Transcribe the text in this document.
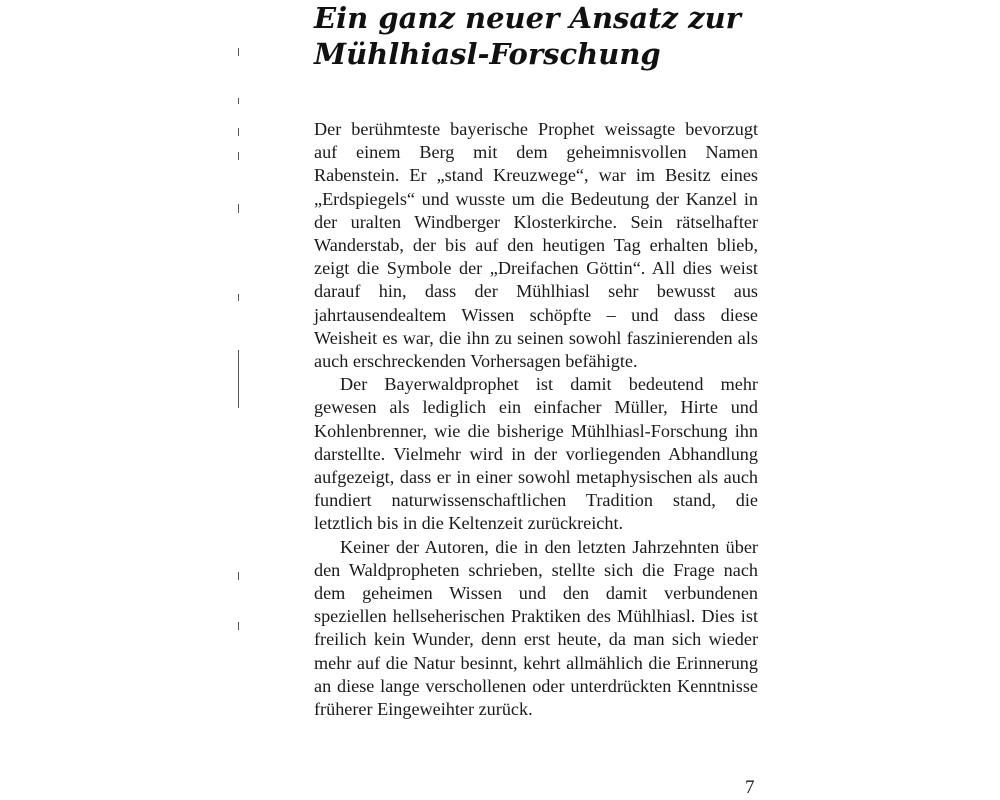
Ein ganz neuer Ansatz zur
Mühlhiasl-Forschung

Der berühmteste bayerische Prophet weissagte bevorzugt auf einem Berg mit dem geheimnisvollen Namen Rabenstein. Er „stand Kreuzwege“, war im Besitz eines „Erdspiegels“ und wusste um die Bedeutung der Kanzel in der uralten Windberger Klosterkirche. Sein rätselhafter Wanderstab, der bis auf den heutigen Tag erhalten blieb, zeigt die Symbole der „Dreifachen Göttin“. All dies weist darauf hin, dass der Mühlhiasl sehr bewusst aus jahrtausendealtem Wissen schöpfte – und dass diese Weisheit es war, die ihn zu seinen sowohl faszinierenden als auch erschreckenden Vorhersagen befähigte.

Der Bayerwaldprophet ist damit bedeutend mehr gewesen als lediglich ein einfacher Müller, Hirte und Kohlenbrenner, wie die bisherige Mühlhiasl-Forschung ihn darstellte. Vielmehr wird in der vorliegenden Abhandlung aufgezeigt, dass er in einer sowohl metaphysischen als auch fundiert naturwissenschaftlichen Tradition stand, die letztlich bis in die Keltenzeit zurückreicht.

Keiner der Autoren, die in den letzten Jahrzehnten über den Waldpropheten schrieben, stellte sich die Frage nach dem geheimen Wissen und den damit verbundenen speziellen hellseherischen Praktiken des Mühlhiasl. Dies ist freilich kein Wunder, denn erst heute, da man sich wieder mehr auf die Natur besinnt, kehrt allmählich die Erinnerung an diese lange verschollenen oder unterdrückten Kenntnisse früherer Eingeweihter zurück.

7
